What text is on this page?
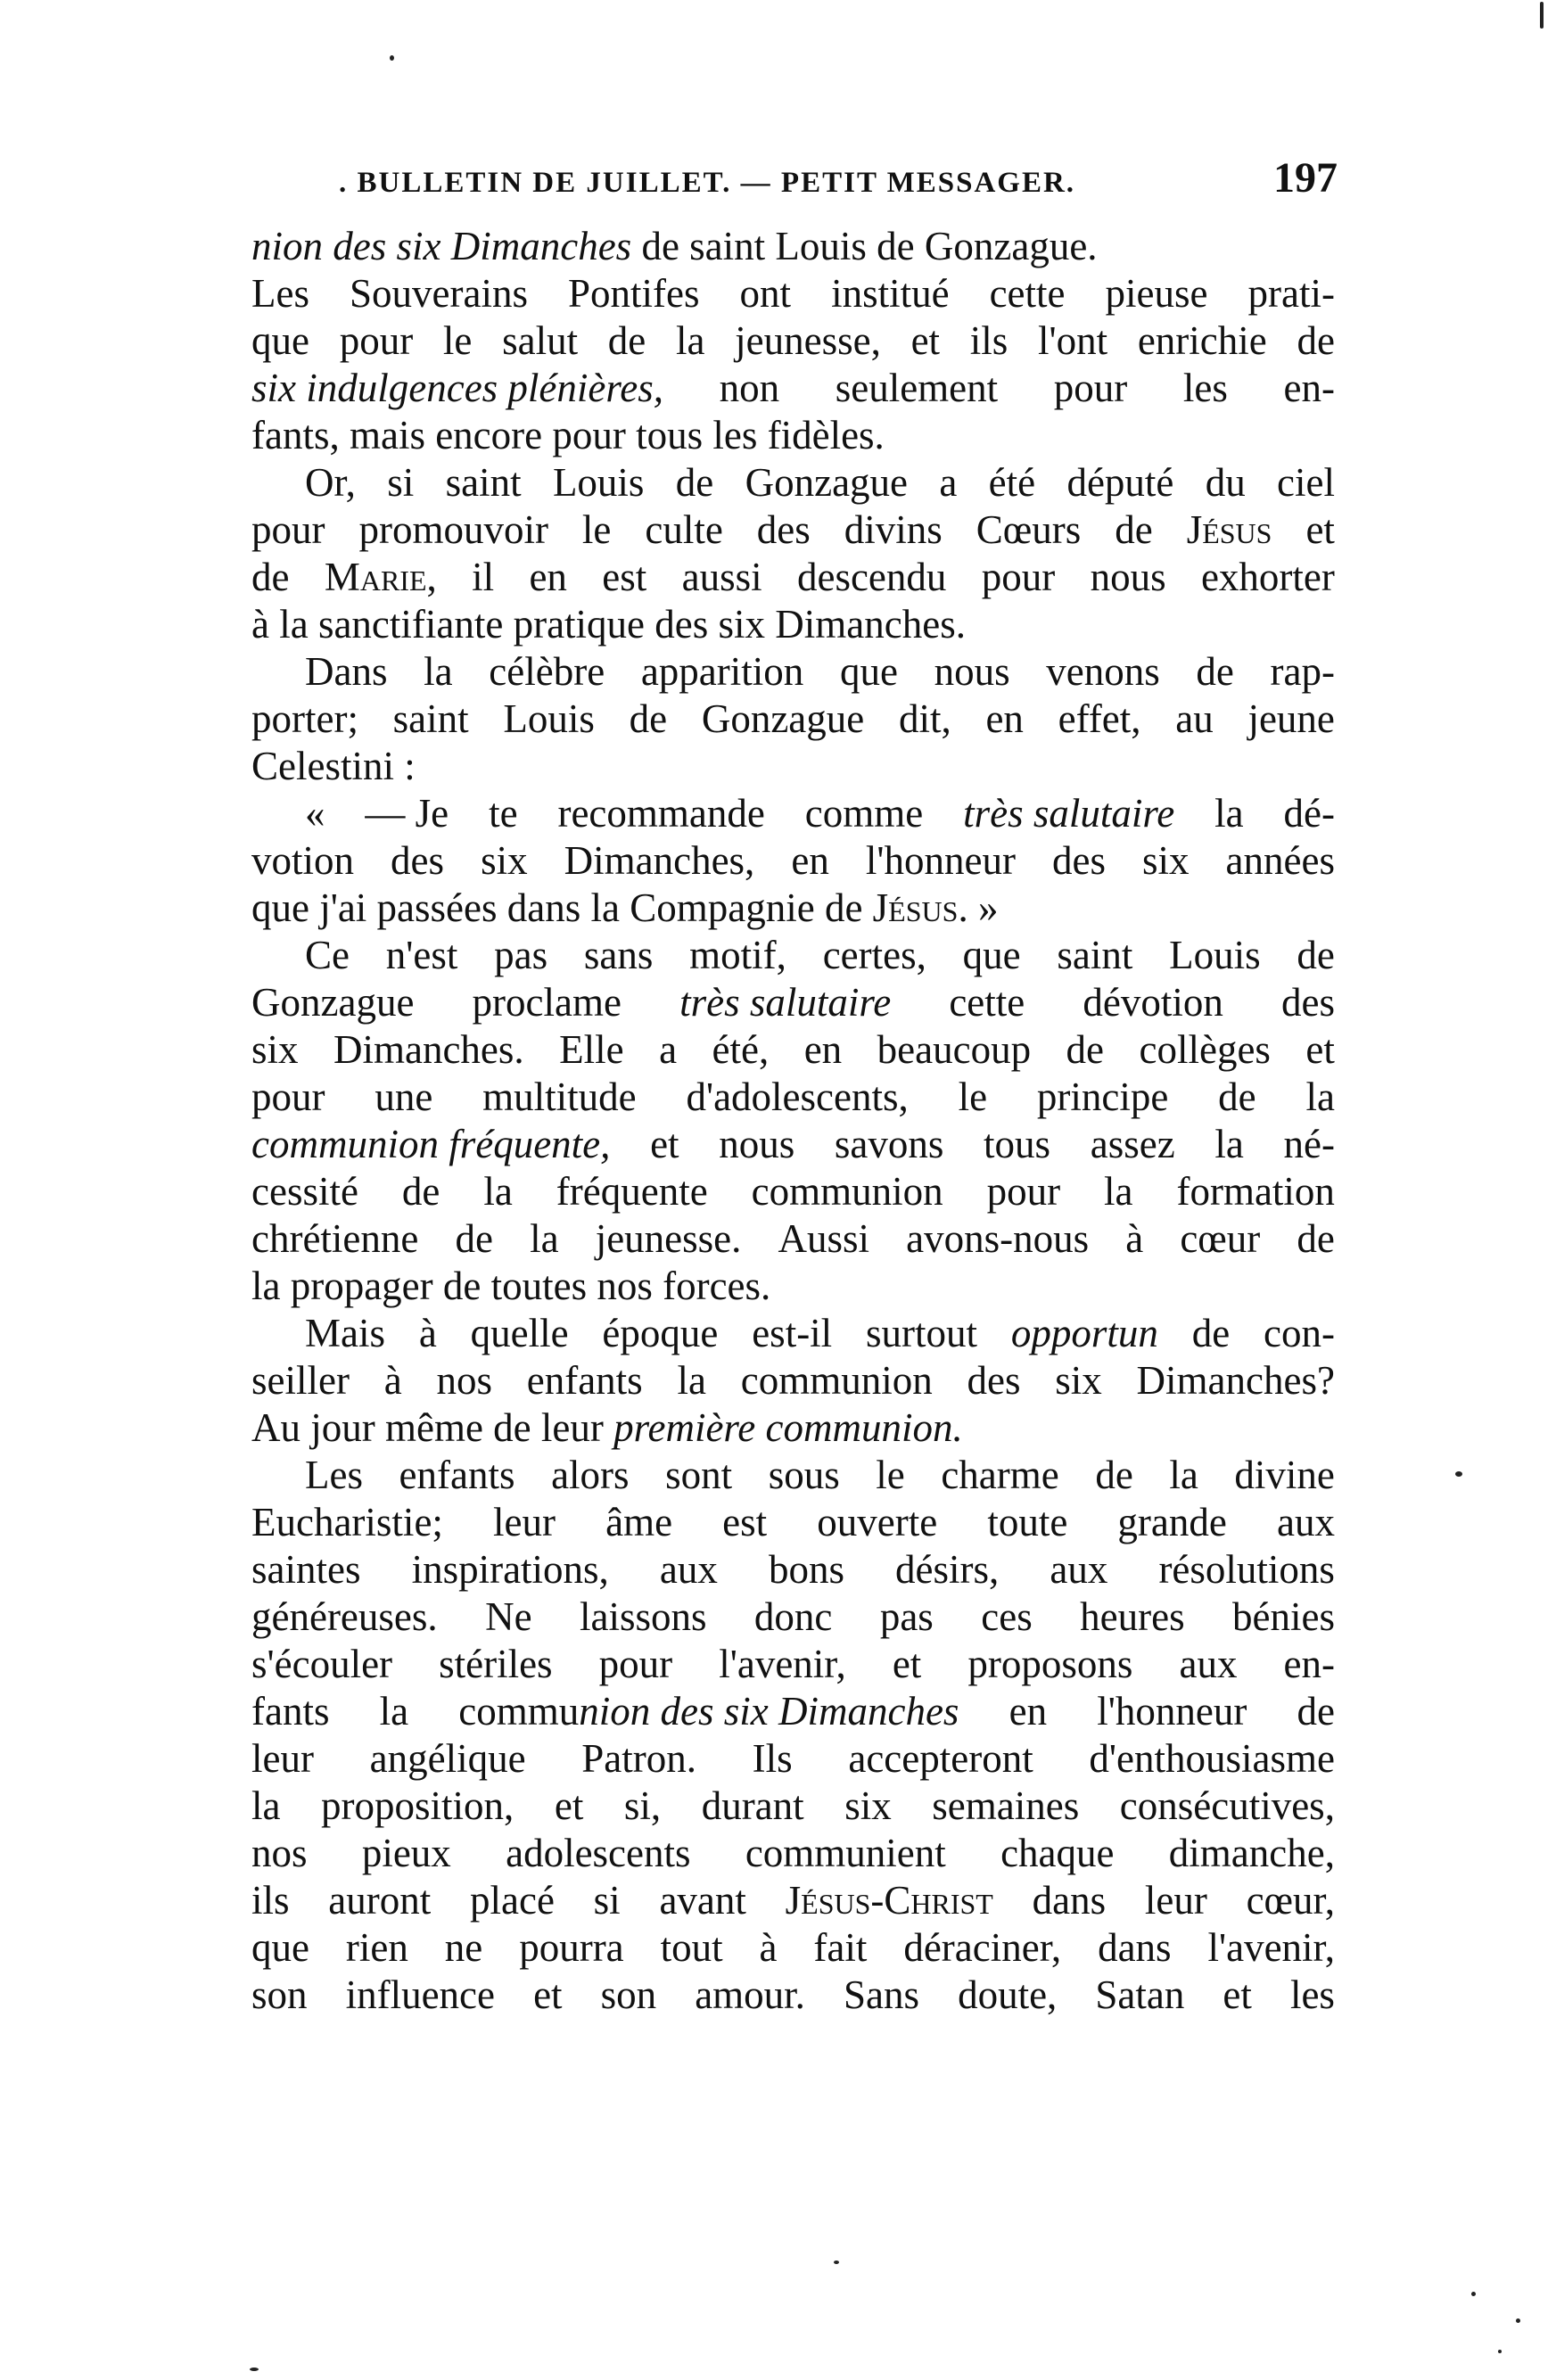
. BULLETIN DE JUILLET. — PETIT MESSAGER.	197
nion des six Dimanches de saint Louis de Gonzague.
Les Souverains Pontifes ont institué cette pieuse prati-
que pour le salut de la jeunesse, et ils l'ont enrichie de
six indulgences plénières, non seulement pour les en-
fants, mais encore pour tous les fidèles.
Or, si saint Louis de Gonzague a été député du ciel
pour promouvoir le culte des divins Cœurs de Jésus et
de Marie, il en est aussi descendu pour nous exhorter
à la sanctifiante pratique des six Dimanches.
Dans la célèbre apparition que nous venons de rap-
porter; saint Louis de Gonzague dit, en effet, au jeune
Celestini :
« — Je te recommande comme très salutaire la dé-
votion des six Dimanches, en l'honneur des six années
que j'ai passées dans la Compagnie de Jésus. »
Ce n'est pas sans motif, certes, que saint Louis de
Gonzague proclame très salutaire cette dévotion des
six Dimanches. Elle a été, en beaucoup de collèges et
pour une multitude d'adolescents, le principe de la
communion fréquente, et nous savons tous assez la né-
cessité de la fréquente communion pour la formation
chrétienne de la jeunesse. Aussi avons-nous à cœur de
la propager de toutes nos forces.
Mais à quelle époque est-il surtout opportun de con-
seiller à nos enfants la communion des six Dimanches?
Au jour même de leur première communion.
Les enfants alors sont sous le charme de la divine
Eucharistie; leur âme est ouverte toute grande aux
saintes inspirations, aux bons désirs, aux résolutions
généreuses. Ne laissons donc pas ces heures bénies
s'écouler stériles pour l'avenir, et proposons aux en-
fants la communion des six Dimanches en l'honneur de
leur angélique Patron. Ils accepteront d'enthousiasme
la proposition, et si, durant six semaines consécutives,
nos pieux adolescents communient chaque dimanche,
ils auront placé si avant Jésus-Christ dans leur cœur,
que rien ne pourra tout à fait déraciner, dans l'avenir,
son influence et son amour. Sans doute, Satan et les
